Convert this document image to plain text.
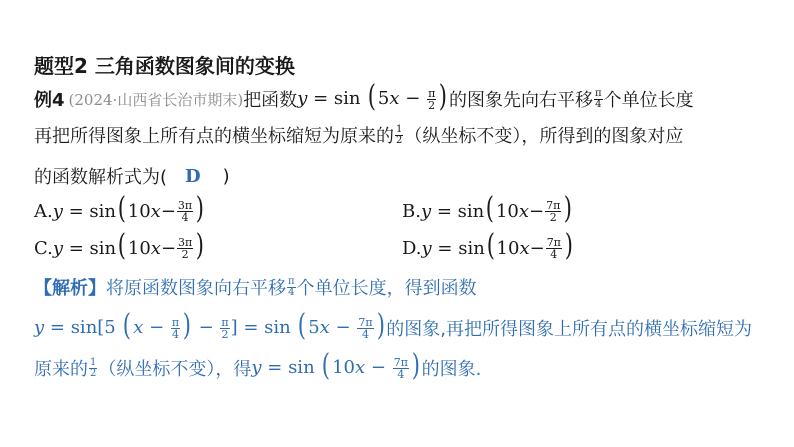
题型2 三角函数图象间的变换
例4 (2024·山西省长治市期末) 把函数 $y = \sin (5x - \frac{\pi}{2}$ ) 的图象先向右平移 $\frac{\pi}{4}$ 个单位长度
再把所得图象上所有点的横坐标缩短为原来的 $\frac{1}{2}$ （纵坐标不变），所得到的图象对应
的函数解析式为( D )
A. y = sin ( 10 $x - \frac{3\pi}{4}$ )	B. y = sin ( 10 $x - \frac{7\pi}{2}$ )
C. y = sin ( 10 $x - \frac{3\pi}{2}$ )	D. y = sin ( 10 $x - \frac{7\pi}{4}$ )
【解析】 将原函数图象向右平移 $\frac{\pi}{4}$ 个单位长度，得到函数
y = sin[5 ($x - \frac{\pi}{4}$ ) − $\frac{\pi}{2}$ ] = $\sin (5x - \frac{7\pi}{4}$ ) 的图象,再把所得图象上所有点的横坐标缩短为
原来的 $\frac{1}{2}$ （纵坐标不变），得 $y = \sin (10x - \frac{7\pi}{4}$ ) 的图象.
